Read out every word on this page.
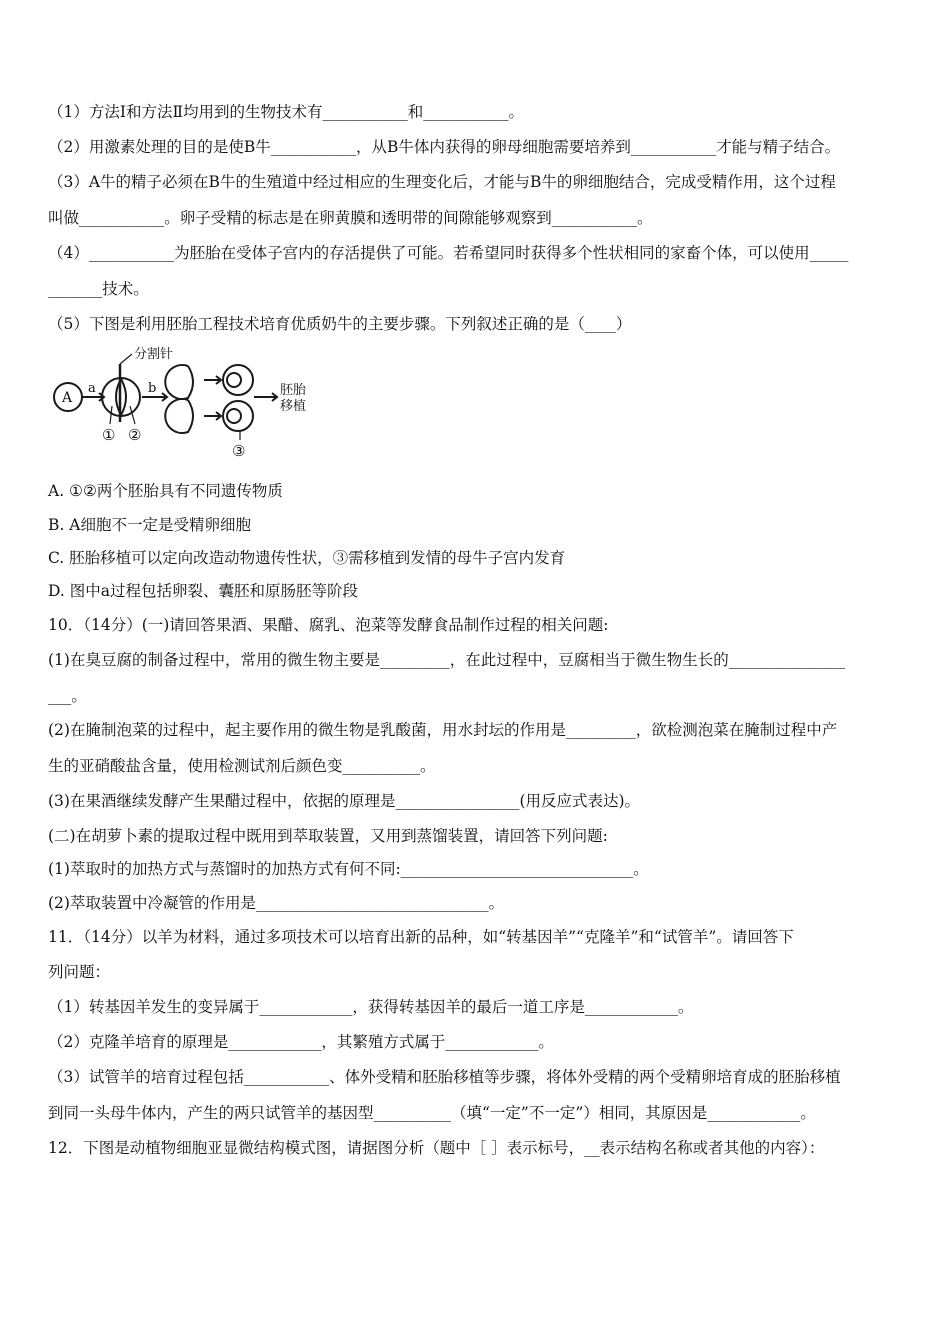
（1）方法Ⅰ和方法Ⅱ均用到的生物技术有___________和___________。
（2）用激素处理的目的是使B牛___________，从B牛体内获得的卵母细胞需要培养到___________才能与精子结合。
（3）A牛的精子必须在B牛的生殖道中经过相应的生理变化后，才能与B牛的卵细胞结合，完成受精作用，这个过程
叫做___________。卵子受精的标志是在卵黄膜和透明带的间隙能够观察到___________。
（4）___________为胚胎在受体子宫内的存活提供了可能。若希望同时获得多个性状相同的家畜个体，可以使用_____
_______技术。
（5）下图是利用胚胎工程技术培育优质奶牛的主要步骤。下列叙述正确的是（____）
A
a	b
分割针
① ②
③
胚胎
移植
A. ①②两个胚胎具有不同遗传物质
B. A细胞不一定是受精卵细胞
C. 胚胎移植可以定向改造动物遗传性状，③需移植到发情的母牛子宫内发育
D. 图中a过程包括卵裂、囊胚和原肠胚等阶段
10．（14分）(一)请回答果酒、果醋、腐乳、泡菜等发酵食品制作过程的相关问题:
(1)在臭豆腐的制备过程中，常用的微生物主要是_________，在此过程中，豆腐相当于微生物生长的_______________
___。
(2)在腌制泡菜的过程中，起主要作用的微生物是乳酸菌，用水封坛的作用是_________，欲检测泡菜在腌制过程中产
生的亚硝酸盐含量，使用检测试剂后颜色变__________。
(3)在果酒继续发酵产生果醋过程中，依据的原理是________________(用反应式表达)。
(二)在胡萝卜素的提取过程中既用到萃取装置，又用到蒸馏装置，请回答下列问题:
(1)萃取时的加热方式与蒸馏时的加热方式有何不同:______________________________。
(2)萃取装置中冷凝管的作用是______________________________。
11．（14分）以羊为材料，通过多项技术可以培育出新的品种，如“转基因羊”“克隆羊”和“试管羊”。请回答下
列问题：
（1）转基因羊发生的变异属于____________，获得转基因羊的最后一道工序是____________。
（2）克隆羊培育的原理是____________，其繁殖方式属于____________。
（3）试管羊的培育过程包括___________、体外受精和胚胎移植等步骤，将体外受精的两个受精卵培育成的胚胎移植
到同一头母牛体内，产生的两只试管羊的基因型__________（填“一定”不一定”）相同，其原因是____________。
12．下图是动植物细胞亚显微结构模式图，请据图分析（题中［ ］表示标号，__表示结构名称或者其他的内容）：
